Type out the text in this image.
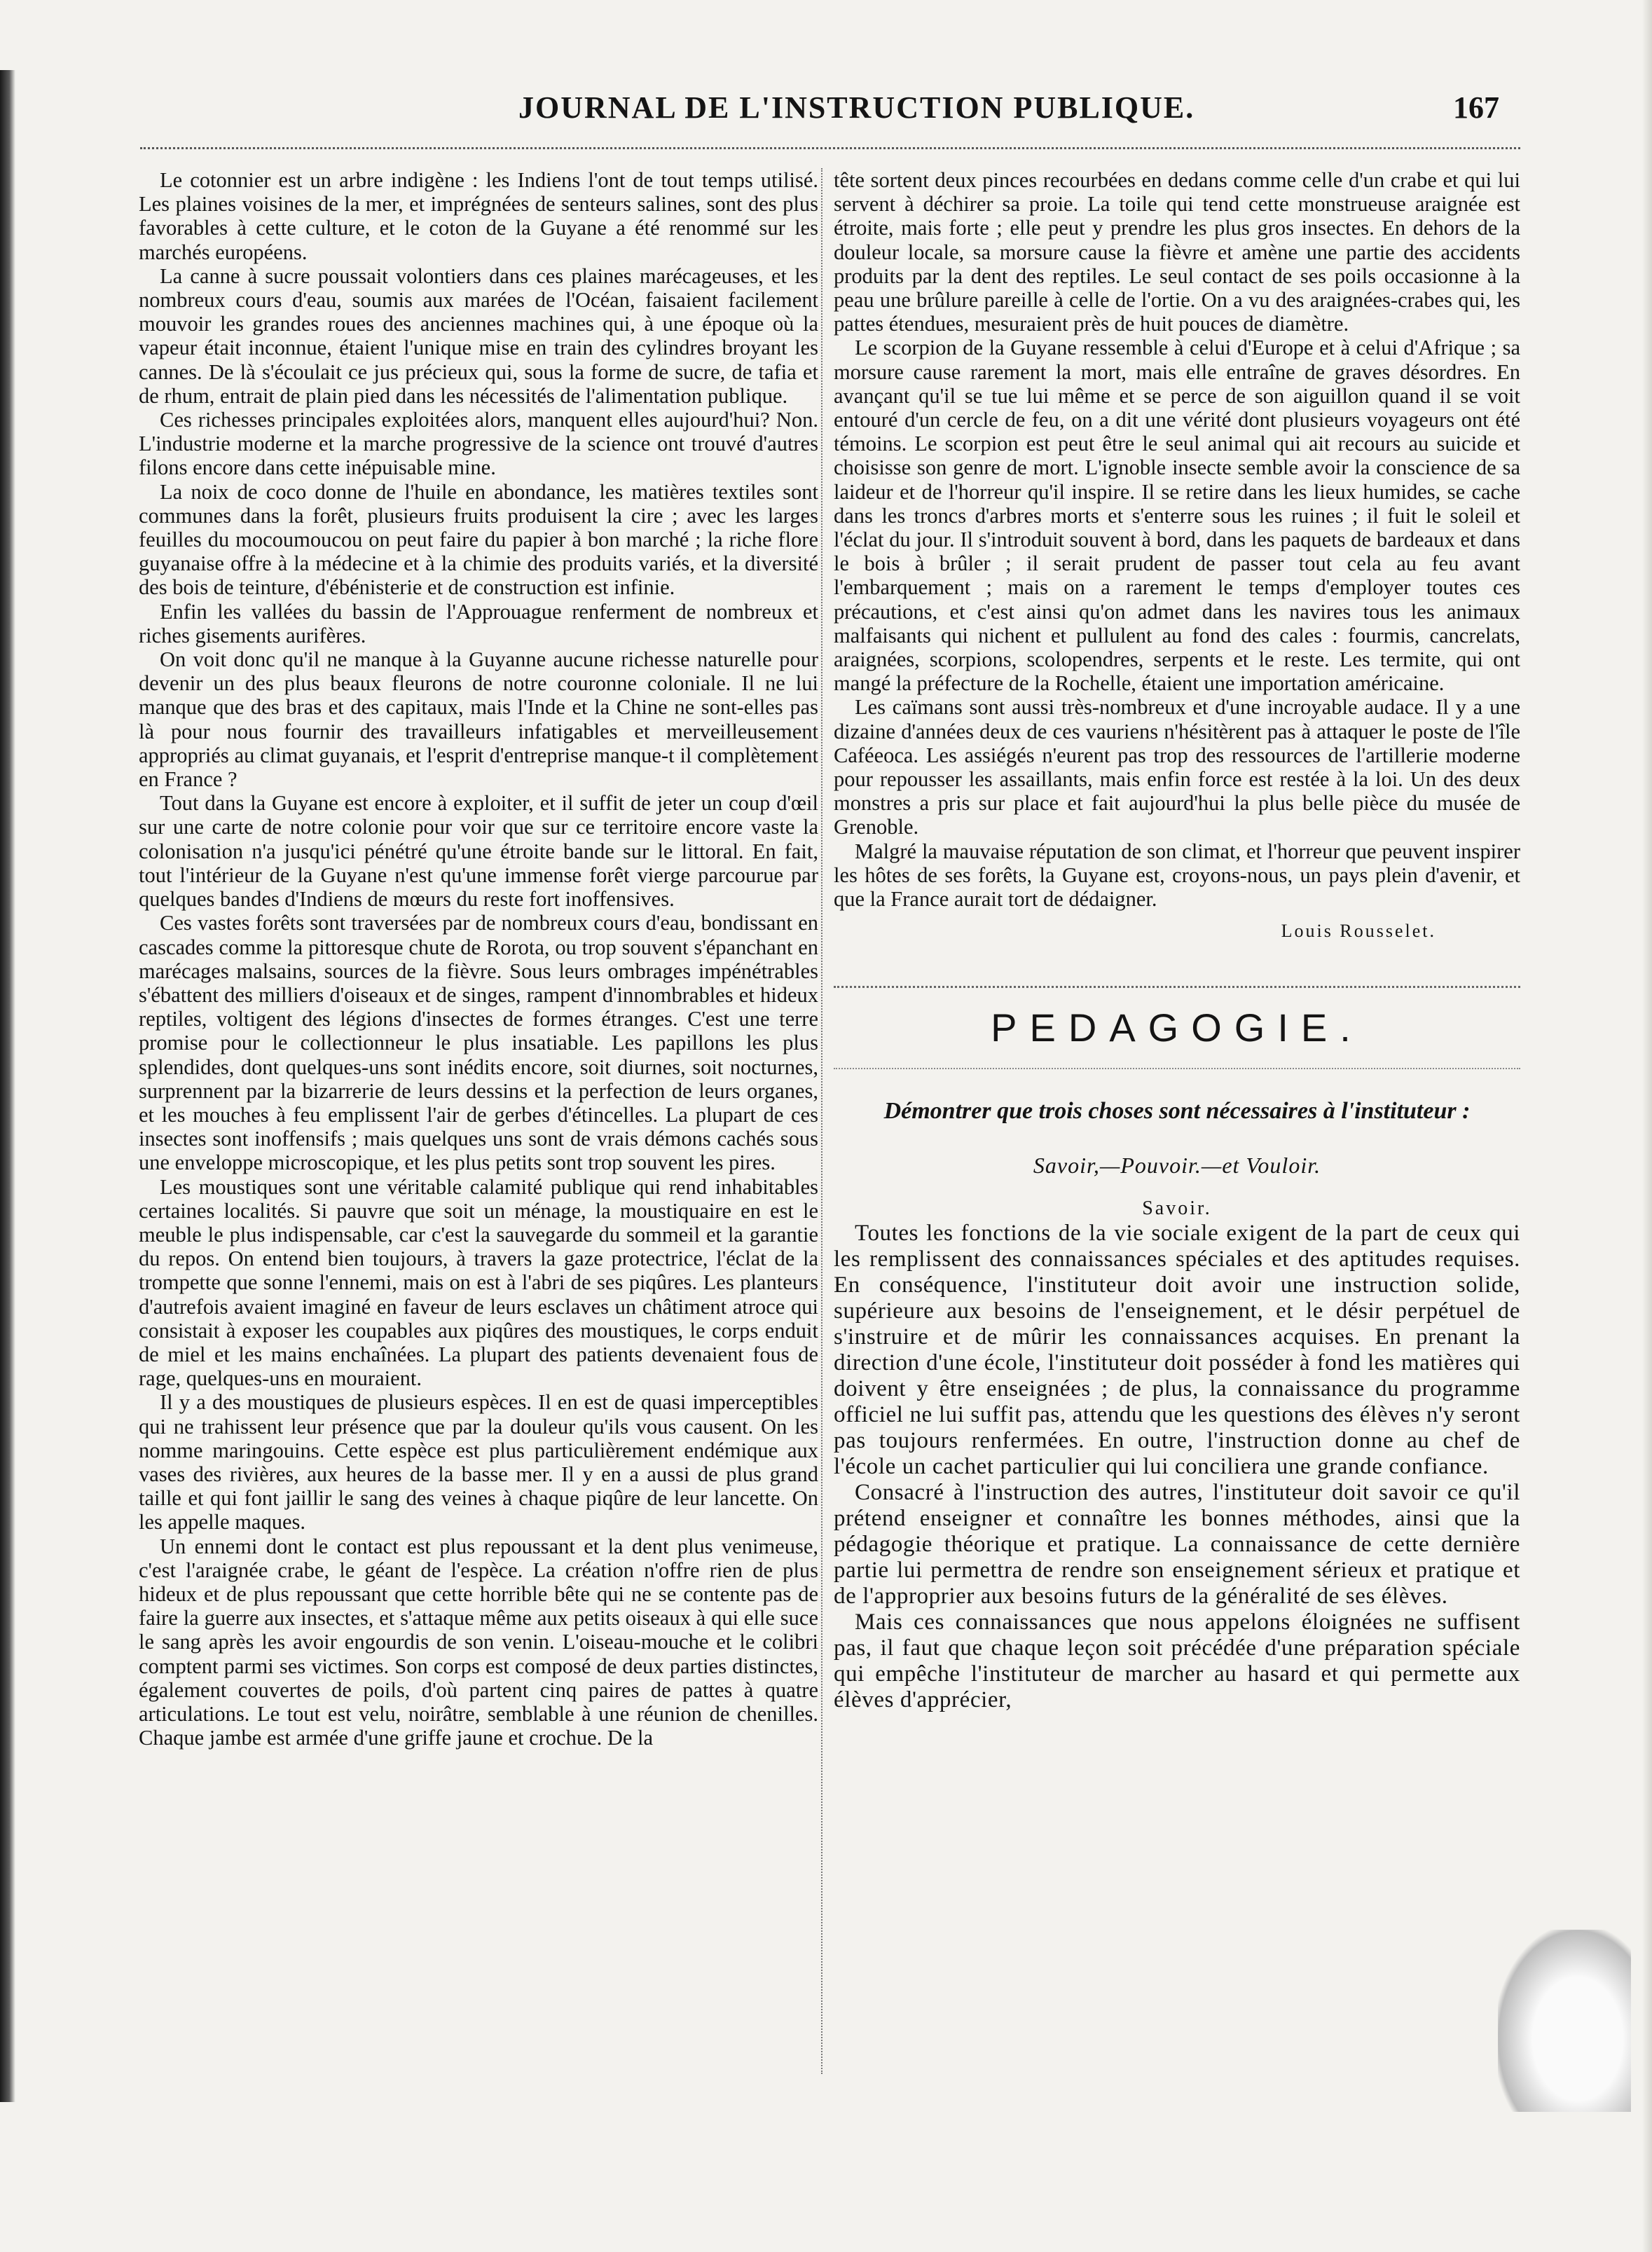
JOURNAL DE L'INSTRUCTION PUBLIQUE.	167

Le cotonnier est un arbre indigène : les Indiens l'ont de tout temps utilisé. Les plaines voisines de la mer, et imprégnées de senteurs salines, sont des plus favorables à cette culture, et le coton de la Guyane a été renommé sur les marchés européens.

La canne à sucre poussait volontiers dans ces plaines marécageuses, et les nombreux cours d'eau, soumis aux marées de l'Océan, faisaient facilement mouvoir les grandes roues des anciennes machines qui, à une époque où la vapeur était inconnue, étaient l'unique mise en train des cylindres broyant les cannes. De là s'écoulait ce jus précieux qui, sous la forme de sucre, de tafia et de rhum, entrait de plain pied dans les nécessités de l'alimentation publique.

Ces richesses principales exploitées alors, manquent elles aujourd'hui? Non. L'industrie moderne et la marche progressive de la science ont trouvé d'autres filons encore dans cette inépuisable mine.

La noix de coco donne de l'huile en abondance, les matières textiles sont communes dans la forêt, plusieurs fruits produisent la cire ; avec les larges feuilles du mocoumoucou on peut faire du papier à bon marché ; la riche flore guyanaise offre à la médecine et à la chimie des produits variés, et la diversité des bois de teinture, d'ébénisterie et de construction est infinie.

Enfin les vallées du bassin de l'Approuague renferment de nombreux et riches gisements aurifères.

On voit donc qu'il ne manque à la Guyanne aucune richesse naturelle pour devenir un des plus beaux fleurons de notre couronne coloniale. Il ne lui manque que des bras et des capitaux, mais l'Inde et la Chine ne sont-elles pas là pour nous fournir des travailleurs infatigables et merveilleusement appropriés au climat guyanais, et l'esprit d'entreprise manque-t il complètement en France ?

Tout dans la Guyane est encore à exploiter, et il suffit de jeter un coup d'œil sur une carte de notre colonie pour voir que sur ce territoire encore vaste la colonisation n'a jusqu'ici pénétré qu'une étroite bande sur le littoral. En fait, tout l'intérieur de la Guyane n'est qu'une immense forêt vierge parcourue par quelques bandes d'Indiens de mœurs du reste fort inoffensives.

Ces vastes forêts sont traversées par de nombreux cours d'eau, bondissant en cascades comme la pittoresque chute de Rorota, ou trop souvent s'épanchant en marécages malsains, sources de la fièvre. Sous leurs ombrages impénétrables s'ébattent des milliers d'oiseaux et de singes, rampent d'innombrables et hideux reptiles, voltigent des légions d'insectes de formes étranges. C'est une terre promise pour le collectionneur le plus insatiable. Les papillons les plus splendides, dont quelques-uns sont inédits encore, soit diurnes, soit nocturnes, surprennent par la bizarrerie de leurs dessins et la perfection de leurs organes, et les mouches à feu emplissent l'air de gerbes d'étincelles. La plupart de ces insectes sont inoffensifs ; mais quelques uns sont de vrais démons cachés sous une enveloppe microscopique, et les plus petits sont trop souvent les pires.

Les moustiques sont une véritable calamité publique qui rend inhabitables certaines localités. Si pauvre que soit un ménage, la moustiquaire en est le meuble le plus indispensable, car c'est la sauvegarde du sommeil et la garantie du repos. On entend bien toujours, à travers la gaze protectrice, l'éclat de la trompette que sonne l'ennemi, mais on est à l'abri de ses piqûres. Les planteurs d'autrefois avaient imaginé en faveur de leurs esclaves un châtiment atroce qui consistait à exposer les coupables aux piqûres des moustiques, le corps enduit de miel et les mains enchaînées. La plupart des patients devenaient fous de rage, quelques-uns en mouraient.

Il y a des moustiques de plusieurs espèces. Il en est de quasi imperceptibles qui ne trahissent leur présence que par la douleur qu'ils vous causent. On les nomme maringouins. Cette espèce est plus particulièrement endémique aux vases des rivières, aux heures de la basse mer. Il y en a aussi de plus grand taille et qui font jaillir le sang des veines à chaque piqûre de leur lancette. On les appelle maques.

Un ennemi dont le contact est plus repoussant et la dent plus venimeuse, c'est l'araignée crabe, le géant de l'espèce. La création n'offre rien de plus hideux et de plus repoussant que cette horrible bête qui ne se contente pas de faire la guerre aux insectes, et s'attaque même aux petits oiseaux à qui elle suce le sang après les avoir engourdis de son venin. L'oiseau-mouche et le colibri comptent parmi ses victimes. Son corps est composé de deux parties distinctes, également couvertes de poils, d'où partent cinq paires de pattes à quatre articulations. Le tout est velu, noirâtre, semblable à une réunion de chenilles. Chaque jambe est armée d'une griffe jaune et crochue. De la

tête sortent deux pinces recourbées en dedans comme celle d'un crabe et qui lui servent à déchirer sa proie. La toile qui tend cette monstrueuse araignée est étroite, mais forte ; elle peut y prendre les plus gros insectes. En dehors de la douleur locale, sa morsure cause la fièvre et amène une partie des accidents produits par la dent des reptiles. Le seul contact de ses poils occasionne à la peau une brûlure pareille à celle de l'ortie. On a vu des araignées-crabes qui, les pattes étendues, mesuraient près de huit pouces de diamètre.

Le scorpion de la Guyane ressemble à celui d'Europe et à celui d'Afrique ; sa morsure cause rarement la mort, mais elle entraîne de graves désordres. En avançant qu'il se tue lui même et se perce de son aiguillon quand il se voit entouré d'un cercle de feu, on a dit une vérité dont plusieurs voyageurs ont été témoins. Le scorpion est peut être le seul animal qui ait recours au suicide et choisisse son genre de mort. L'ignoble insecte semble avoir la conscience de sa laideur et de l'horreur qu'il inspire. Il se retire dans les lieux humides, se cache dans les troncs d'arbres morts et s'enterre sous les ruines ; il fuit le soleil et l'éclat du jour. Il s'introduit souvent à bord, dans les paquets de bardeaux et dans le bois à brûler ; il serait prudent de passer tout cela au feu avant l'embarquement ; mais on a rarement le temps d'employer toutes ces précautions, et c'est ainsi qu'on admet dans les navires tous les animaux malfaisants qui nichent et pullulent au fond des cales : fourmis, cancrelats, araignées, scorpions, scolopendres, serpents et le reste. Les termite, qui ont mangé la préfecture de la Rochelle, étaient une importation américaine.

Les caïmans sont aussi très-nombreux et d'une incroyable audace. Il y a une dizaine d'années deux de ces vauriens n'hésitèrent pas à attaquer le poste de l'île Caféeoca. Les assiégés n'eurent pas trop des ressources de l'artillerie moderne pour repousser les assaillants, mais enfin force est restée à la loi. Un des deux monstres a pris sur place et fait aujourd'hui la plus belle pièce du musée de Grenoble.

Malgré la mauvaise réputation de son climat, et l'horreur que peuvent inspirer les hôtes de ses forêts, la Guyane est, croyons-nous, un pays plein d'avenir, et que la France aurait tort de dédaigner.

Louis Rousselet.
PEDAGOGIE.
Démontrer que trois choses sont nécessaires à l'instituteur :
Savoir,—Pouvoir.—et Vouloir.
Savoir.

Toutes les fonctions de la vie sociale exigent de la part de ceux qui les remplissent des connaissances spéciales et des aptitudes requises. En conséquence, l'instituteur doit avoir une instruction solide, supérieure aux besoins de l'enseignement, et le désir perpétuel de s'instruire et de mûrir les connaissances acquises. En prenant la direction d'une école, l'instituteur doit posséder à fond les matières qui doivent y être enseignées ; de plus, la connaissance du programme officiel ne lui suffit pas, attendu que les questions des élèves n'y seront pas toujours renfermées. En outre, l'instruction donne au chef de l'école un cachet particulier qui lui conciliera une grande confiance.

Consacré à l'instruction des autres, l'instituteur doit savoir ce qu'il prétend enseigner et connaître les bonnes méthodes, ainsi que la pédagogie théorique et pratique. La connaissance de cette dernière partie lui permettra de rendre son enseignement sérieux et pratique et de l'approprier aux besoins futurs de la généralité de ses élèves.

Mais ces connaissances que nous appelons éloignées ne suffisent pas, il faut que chaque leçon soit précédée d'une préparation spéciale qui empêche l'instituteur de marcher au hasard et qui permette aux élèves d'apprécier,
